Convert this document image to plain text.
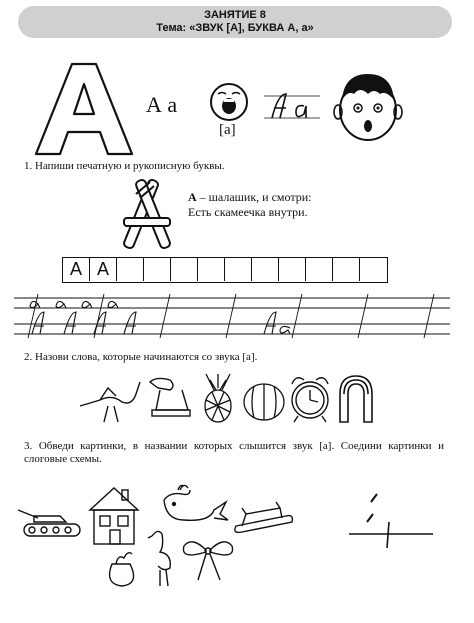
ЗАНЯТИЕ 8
Тема: «ЗВУК [А], БУКВА А, а»
А а
[а]
1. Напиши печатную и рукописную буквы.
А – шалашик, и смотри:
Есть скамеечка внутри.
А А
2. Назови слова, которые начинаются со звука [а].
3. Обведи картинки, в названии которых слышится звук [а]. Соедини картинки и слоговые схемы.
